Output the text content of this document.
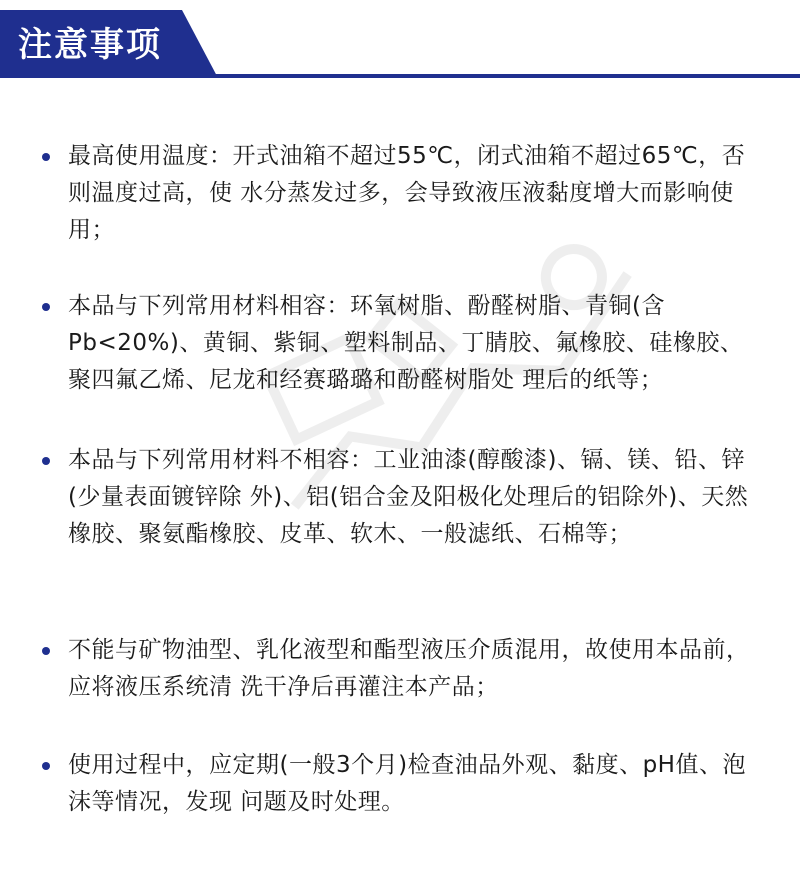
注意事项

最高使用温度：开式油箱不超过55℃，闭式油箱不超过65℃，否则温度过高，使 水分蒸发过多，会导致液压液黏度增大而影响使用；

本品与下列常用材料相容：环氧树脂、酚醛树脂、青铜(含Pb<20%)、黄铜、紫铜、塑料制品、丁腈胶、氟橡胶、硅橡胶、聚四氟乙烯、尼龙和经赛璐璐和酚醛树脂处 理后的纸等；

本品与下列常用材料不相容：工业油漆(醇酸漆)、镉、镁、铅、锌(少量表面镀锌除 外)、铝(铝合金及阳极化处理后的铝除外)、天然橡胶、聚氨酯橡胶、皮革、软木、一般滤纸、石棉等；

不能与矿物油型、乳化液型和酯型液压介质混用，故使用本品前，应将液压系统清 洗干净后再灌注本产品；

使用过程中，应定期(一般3个月)检查油品外观、黏度、pH值、泡沫等情况，发现 问题及时处理。
